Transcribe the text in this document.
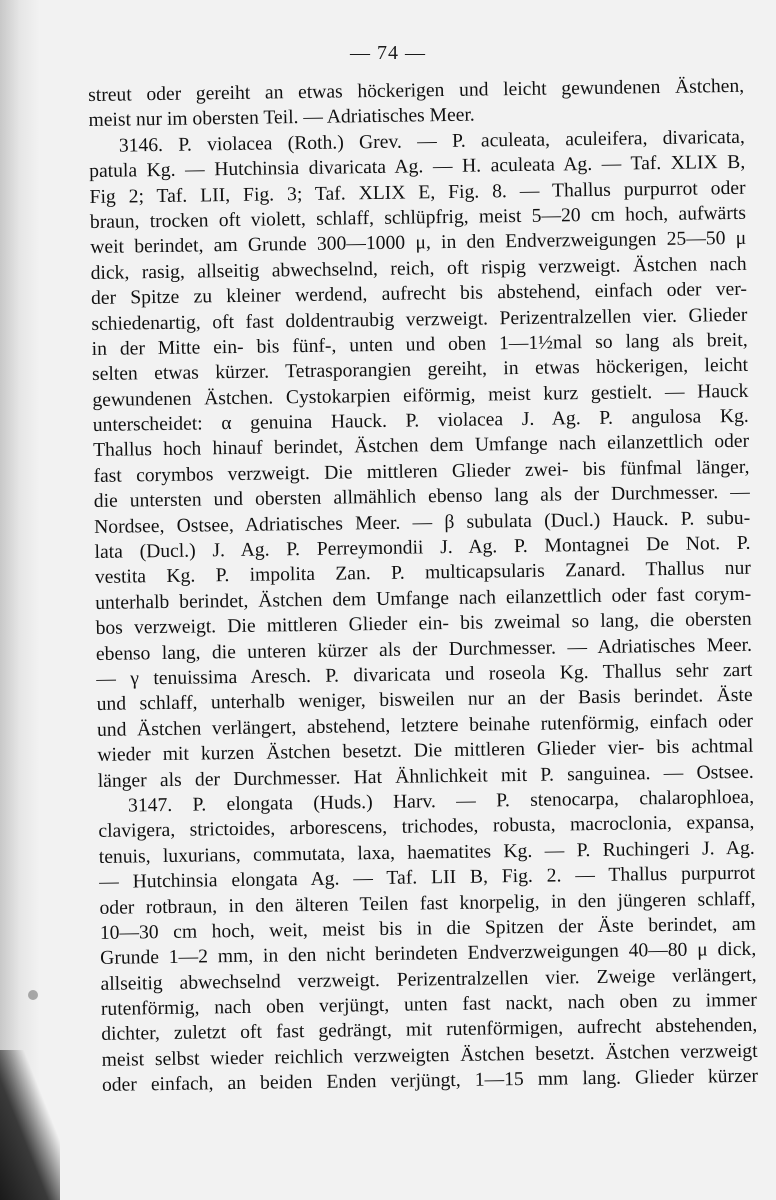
— 74 —
streut oder gereiht an etwas höckerigen und leicht gewundenen Ästchen,
meist nur im obersten Teil. — Adriatisches Meer.
3146. P. violacea (Roth.) Grev. — P. aculeata, aculeifera, divaricata,
patula Kg. — Hutchinsia divaricata Ag. — H. aculeata Ag. — Taf. XLIX B,
Fig 2; Taf. LII, Fig. 3; Taf. XLIX E, Fig. 8. — Thallus purpurrot oder
braun, trocken oft violett, schlaff, schlüpfrig, meist 5—20 cm hoch, aufwärts
weit berindet, am Grunde 300—1000 μ, in den Endverzweigungen 25—50 μ
dick, rasig, allseitig abwechselnd, reich, oft rispig verzweigt. Ästchen nach
der Spitze zu kleiner werdend, aufrecht bis abstehend, einfach oder ver-
schiedenartig, oft fast doldentraubig verzweigt. Perizentralzellen vier. Glieder
in der Mitte ein- bis fünf-, unten und oben 1—1½mal so lang als breit,
selten etwas kürzer. Tetrasporangien gereiht, in etwas höckerigen, leicht
gewundenen Ästchen. Cystokarpien eiförmig, meist kurz gestielt. — Hauck
unterscheidet: α genuina Hauck. P. violacea J. Ag. P. angulosa Kg.
Thallus hoch hinauf berindet, Ästchen dem Umfange nach eilanzettlich oder
fast corymbos verzweigt. Die mittleren Glieder zwei- bis fünfmal länger,
die untersten und obersten allmählich ebenso lang als der Durchmesser. —
Nordsee, Ostsee, Adriatisches Meer. — β subulata (Ducl.) Hauck. P. subu-
lata (Ducl.) J. Ag. P. Perreymondii J. Ag. P. Montagnei De Not. P.
vestita Kg. P. impolita Zan. P. multicapsularis Zanard. Thallus nur
unterhalb berindet, Ästchen dem Umfange nach eilanzettlich oder fast corym-
bos verzweigt. Die mittleren Glieder ein- bis zweimal so lang, die obersten
ebenso lang, die unteren kürzer als der Durchmesser. — Adriatisches Meer.
— γ tenuissima Aresch. P. divaricata und roseola Kg. Thallus sehr zart
und schlaff, unterhalb weniger, bisweilen nur an der Basis berindet. Äste
und Ästchen verlängert, abstehend, letztere beinahe rutenförmig, einfach oder
wieder mit kurzen Ästchen besetzt. Die mittleren Glieder vier- bis achtmal
länger als der Durchmesser. Hat Ähnlichkeit mit P. sanguinea. — Ostsee.
3147. P. elongata (Huds.) Harv. — P. stenocarpa, chalarophloea,
clavigera, strictoides, arborescens, trichodes, robusta, macroclonia, expansa,
tenuis, luxurians, commutata, laxa, haematites Kg. — P. Ruchingeri J. Ag.
— Hutchinsia elongata Ag. — Taf. LII B, Fig. 2. — Thallus purpurrot
oder rotbraun, in den älteren Teilen fast knorpelig, in den jüngeren schlaff,
10—30 cm hoch, weit, meist bis in die Spitzen der Äste berindet, am
Grunde 1—2 mm, in den nicht berindeten Endverzweigungen 40—80 μ dick,
allseitig abwechselnd verzweigt. Perizentralzellen vier. Zweige verlängert,
rutenförmig, nach oben verjüngt, unten fast nackt, nach oben zu immer
dichter, zuletzt oft fast gedrängt, mit rutenförmigen, aufrecht abstehenden,
meist selbst wieder reichlich verzweigten Ästchen besetzt. Ästchen verzweigt
oder einfach, an beiden Enden verjüngt, 1—15 mm lang. Glieder kürzer
